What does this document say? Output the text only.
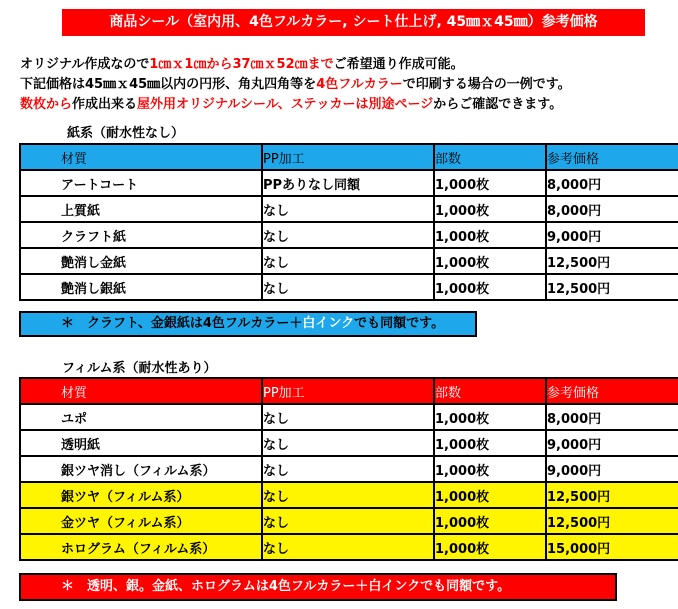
商品シール（室内用、4色フルカラー, シート仕上げ, 45㎜ｘ45㎜）参考価格
オリジナル作成なので1㎝ｘ1㎝から37㎝ｘ52㎝までご希望通り作成可能。
下記価格は45㎜ｘ45㎜以内の円形、角丸四角等を4色フルカラーで印刷する場合の一例です。
数枚から作成出来る屋外用オリジナルシール、ステッカーは別途ページからご確認できます。
紙系（耐水性なし）
材質	PP加工	部数	参考価格
アートコート	PPありなし同額	1,000枚	8,000円
上質紙	なし	1,000枚	8,000円
クラフト紙	なし	1,000枚	9,000円
艶消し金紙	なし	1,000枚	12,500円
艶消し銀紙	なし	1,000枚	12,500円
＊　クラフト、金銀紙は4色フルカラー＋白インクでも同額です。
フィルム系（耐水性あり）
材質	PP加工	部数	参考価格
ユポ	なし	1,000枚	8,000円
透明紙	なし	1,000枚	9,000円
銀ツヤ消し（フィルム系）	なし	1,000枚	9,000円
銀ツヤ（フィルム系）	なし	1,000枚	12,500円
金ツヤ（フィルム系）	なし	1,000枚	12,500円
ホログラム（フィルム系）	なし	1,000枚	15,000円
＊　透明、銀。金紙、ホログラムは4色フルカラー＋白インクでも同額です。
